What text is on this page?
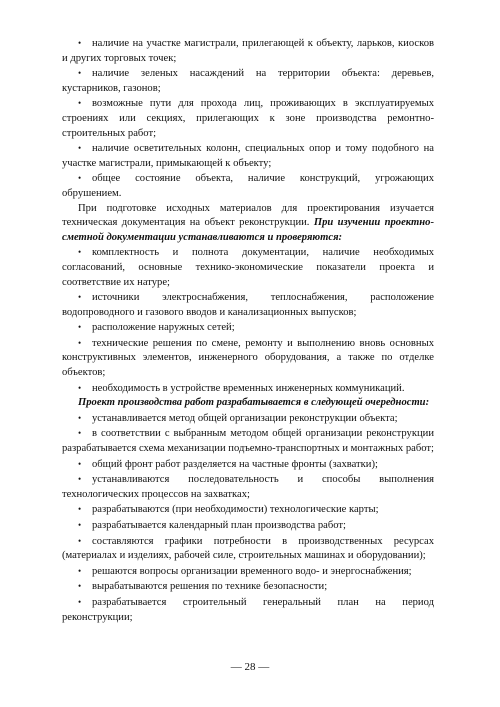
• наличие на участке магистрали, прилегающей к объекту, ларьков, киосков и других торговых точек;
• наличие зеленых насаждений на территории объекта: деревьев, кустарников, газонов;
• возможные пути для прохода лиц, проживающих в эксплуатируемых строениях или секциях, прилегающих к зоне производства ремонтно-строительных работ;
• наличие осветительных колонн, специальных опор и тому подобного на участке магистрали, примыкающей к объекту;
• общее состояние объекта, наличие конструкций, угрожающих обрушением.
При подготовке исходных материалов для проектирования изучается техническая документация на объект реконструкции. При изучении проектно-сметной документации устанавливаются и проверяются:
• комплектность и полнота документации, наличие необходимых согласований, основные технико-экономические показатели проекта и соответствие их натуре;
• источники электроснабжения, теплоснабжения, расположение водопроводного и газового вводов и канализационных выпусков;
• расположение наружных сетей;
• технические решения по смене, ремонту и выполнению вновь основных конструктивных элементов, инженерного оборудования, а также по отделке объектов;
• необходимость в устройстве временных инженерных коммуникаций.
Проект производства работ разрабатывается в следующей очередности:
• устанавливается метод общей организации реконструкции объекта;
• в соответствии с выбранным методом общей организации реконструкции разрабатывается схема механизации подъемно-транспортных и монтажных работ;
• общий фронт работ разделяется на частные фронты (захватки);
• устанавливаются последовательность и способы выполнения технологических процессов на захватках;
• разрабатываются (при необходимости) технологические карты;
• разрабатывается календарный план производства работ;
• составляются графики потребности в производственных ресурсах (материалах и изделиях, рабочей силе, строительных машинах и оборудовании);
• решаются вопросы организации временного водо- и энергоснабжения;
• вырабатываются решения по технике безопасности;
• разрабатывается строительный генеральный план на период реконструкции;
— 28 —
